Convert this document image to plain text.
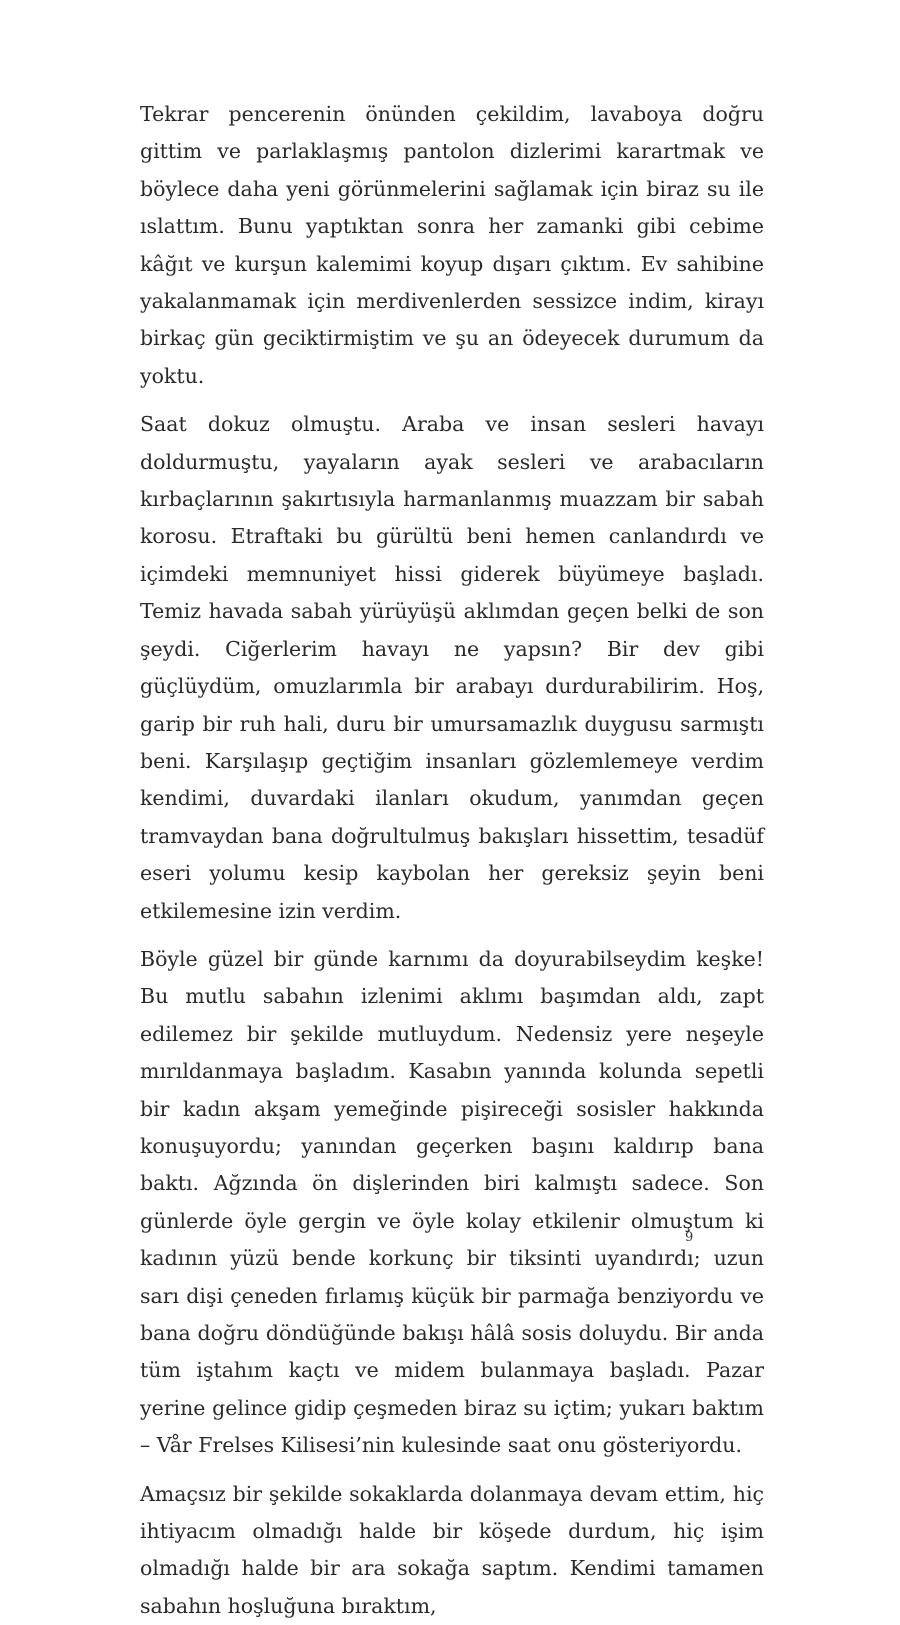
Tekrar pencerenin önünden çekildim, lavaboya doğru gittim ve parlaklaşmış pantolon dizlerimi karartmak ve böylece daha yeni görünmelerini sağlamak için biraz su ile ıslattım. Bunu yaptıktan sonra her zamanki gibi cebime kâğıt ve kurşun kalemimi koyup dışarı çıktım. Ev sahibine yakalanmamak için merdivenlerden sessizce indim, kirayı birkaç gün geciktirmiştim ve şu an ödeyecek durumum da yoktu.

Saat dokuz olmuştu. Araba ve insan sesleri havayı doldurmuştu, yayaların ayak sesleri ve arabacıların kırbaçlarının şakırtısıyla harmanlanmış muazzam bir sabah korosu. Etraftaki bu gürültü beni hemen canlandırdı ve içimdeki memnuniyet hissi giderek büyümeye başladı. Temiz havada sabah yürüyüşü aklımdan geçen belki de son şeydi. Ciğerlerim havayı ne yapsın? Bir dev gibi güçlüydüm, omuzlarımla bir arabayı durdurabilirim. Hoş, garip bir ruh hali, duru bir umursamazlık duygusu sarmıştı beni. Karşılaşıp geçtiğim insanları gözlemlemeye verdim kendimi, duvardaki ilanları okudum, yanımdan geçen tramvaydan bana doğrultulmuş bakışları hissettim, tesadüf eseri yolumu kesip kaybolan her gereksiz şeyin beni etkilemesine izin verdim.

Böyle güzel bir günde karnımı da doyurabilseydim keşke! Bu mutlu sabahın izlenimi aklımı başımdan aldı, zapt edilemez bir şekilde mutluydum. Nedensiz yere neşeyle mırıldanmaya başladım. Kasabın yanında kolunda sepetli bir kadın akşam yemeğinde pişireceği sosisler hakkında konuşuyordu; yanından geçerken başını kaldırıp bana baktı. Ağzında ön dişlerinden biri kalmıştı sadece. Son günlerde öyle gergin ve öyle kolay etkilenir olmuştum ki kadının yüzü bende korkunç bir tiksinti uyandırdı; uzun sarı dişi çeneden fırlamış küçük bir parmağa benziyordu ve bana doğru döndüğünde bakışı hâlâ sosis doluydu. Bir anda tüm iştahım kaçtı ve midem bulanmaya başladı. Pazar yerine gelince gidip çeşmeden biraz su içtim; yukarı baktım – Vår Frelses Kilisesi’nin kulesinde saat onu gösteriyordu.

Amaçsız bir şekilde sokaklarda dolanmaya devam ettim, hiç ihtiyacım olmadığı halde bir köşede durdum, hiç işim olmadığı halde bir ara sokağa saptım. Kendimi tamamen sabahın hoşluğuna bıraktım,

9
